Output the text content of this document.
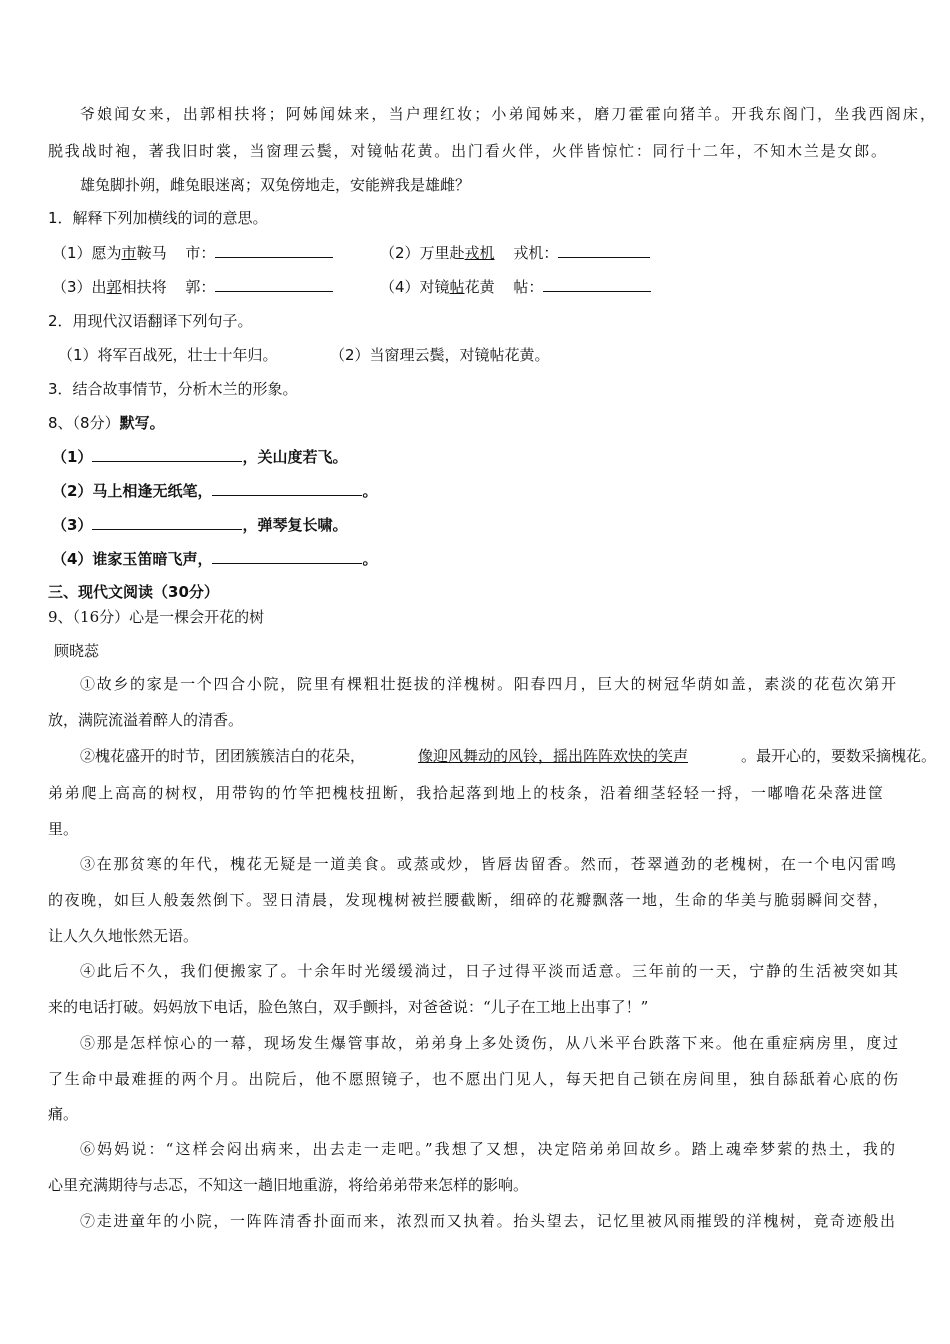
爷娘闻女来，出郭相扶将；阿姊闻妹来，当户理红妆；小弟闻姊来，磨刀霍霍向猪羊。开我东阁门，坐我西阁床，
脱我战时袍，著我旧时裳，当窗理云鬓，对镜帖花黄。出门看火伴，火伴皆惊忙：同行十二年，不知木兰是女郎。
雄兔脚扑朔，雌兔眼迷离；双兔傍地走，安能辨我是雄雌？
1．解释下列加横线的词的意思。
（1）愿为市鞍马 市：	（2）万里赴戎机 戎机：
（3）出郭相扶将 郭：	（4）对镜帖花黄 帖：
2．用现代汉语翻译下列句子。
（1）将军百战死，壮士十年归。	（2）当窗理云鬓，对镜帖花黄。
3．结合故事情节，分析木兰的形象。
8、（8分）默写。
（1）	，关山度若飞。
（2）马上相逢无纸笔，	。
（3）	，弹琴复长啸。
（4）谁家玉笛暗飞声，	。
三、现代文阅读（30分）
9、（16分）心是一棵会开花的树
顾晓蕊
①故乡的家是一个四合小院，院里有棵粗壮挺拔的洋槐树。阳春四月，巨大的树冠华荫如盖，素淡的花苞次第开
放，满院流溢着醉人的清香。
②槐花盛开的时节，团团簇簇洁白的花朵，	像迎风舞动的风铃，摇出阵阵欢快的笑声	。最开心的，要数采摘槐花。
弟弟爬上高高的树杈，用带钩的竹竿把槐枝扭断，我拾起落到地上的枝条，沿着细茎轻轻一捋，一嘟噜花朵落进筐
里。
③在那贫寒的年代，槐花无疑是一道美食。或蒸或炒，皆唇齿留香。然而，苍翠遒劲的老槐树，在一个电闪雷鸣
的夜晚，如巨人般轰然倒下。翌日清晨，发现槐树被拦腰截断，细碎的花瓣飘落一地，生命的华美与脆弱瞬间交替，
让人久久地怅然无语。
④此后不久，我们便搬家了。十余年时光缓缓淌过，日子过得平淡而适意。三年前的一天，宁静的生活被突如其
来的电话打破。妈妈放下电话，脸色煞白，双手颤抖，对爸爸说：“儿子在工地上出事了！”
⑤那是怎样惊心的一幕，现场发生爆管事故，弟弟身上多处烫伤，从八米平台跌落下来。他在重症病房里，度过
了生命中最难捱的两个月。出院后，他不愿照镜子，也不愿出门见人，每天把自己锁在房间里，独自舔舐着心底的伤
痛。
⑥妈妈说：“这样会闷出病来，出去走一走吧。”我想了又想，决定陪弟弟回故乡。踏上魂牵梦萦的热土，我的
心里充满期待与忐忑，不知这一趟旧地重游，将给弟弟带来怎样的影响。
⑦走进童年的小院，一阵阵清香扑面而来，浓烈而又执着。抬头望去，记忆里被风雨摧毁的洋槐树，竟奇迹般出
